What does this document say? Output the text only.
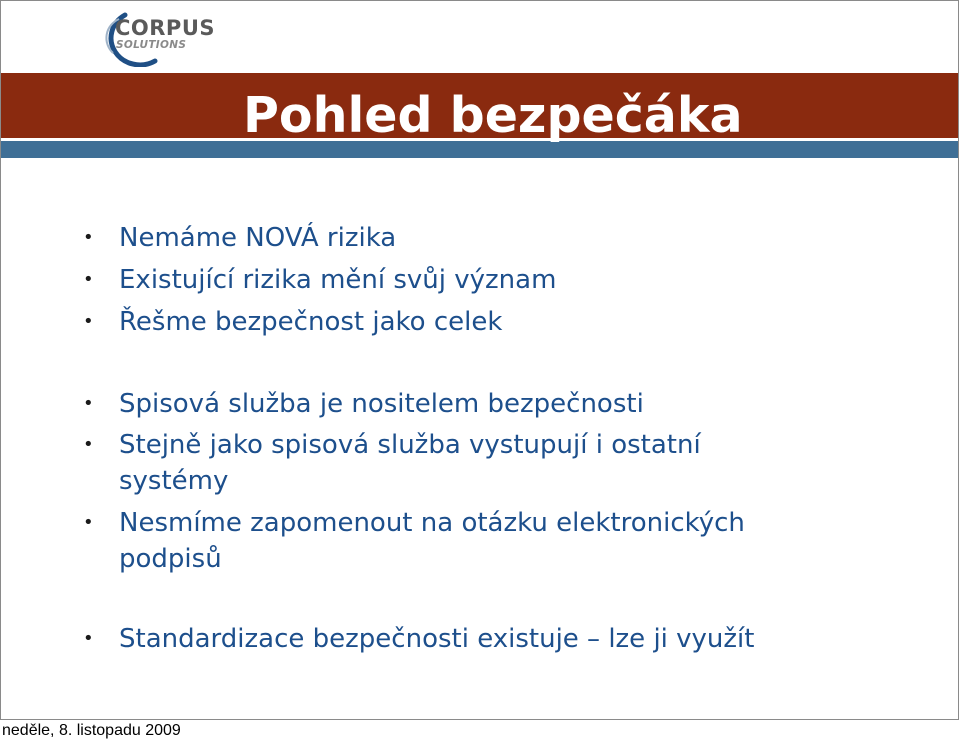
CORPUS
SOLUTIONS
Pohled bezpečáka
• Nemáme NOVÁ rizika
• Existující rizika mění svůj význam
• Řešme bezpečnost jako celek
• Spisová služba je nositelem bezpečnosti
• Stejně jako spisová služba vystupují i ostatní systémy
• Nesmíme zapomenout na otázku elektronických podpisů
• Standardizace bezpečnosti existuje – lze ji využít
neděle, 8. listopadu 2009
